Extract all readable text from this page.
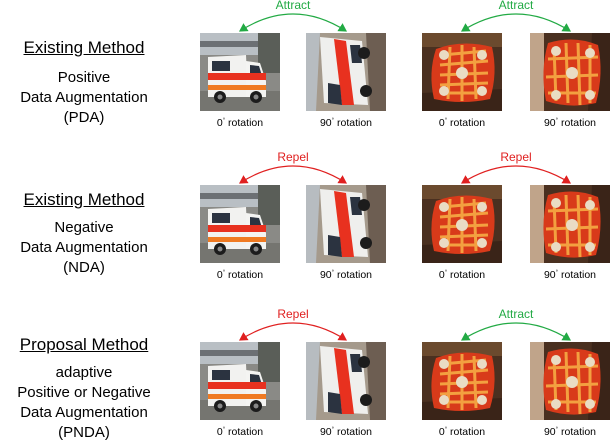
Existing Method
Positive
Data Augmentation
(PDA)	0° rotation	90° rotation
Attract
0° rotation	90° rotation
Attract
Existing Method
Negative
Data Augmentation
(NDA)	0° rotation	90° rotation
Repel
0° rotation	90° rotation
Repel
Proposal Method
adaptive
Positive or Negative
Data Augmentation
(PNDA)	0° rotation	90° rotation
Repel
0° rotation	90° rotation
Attract
